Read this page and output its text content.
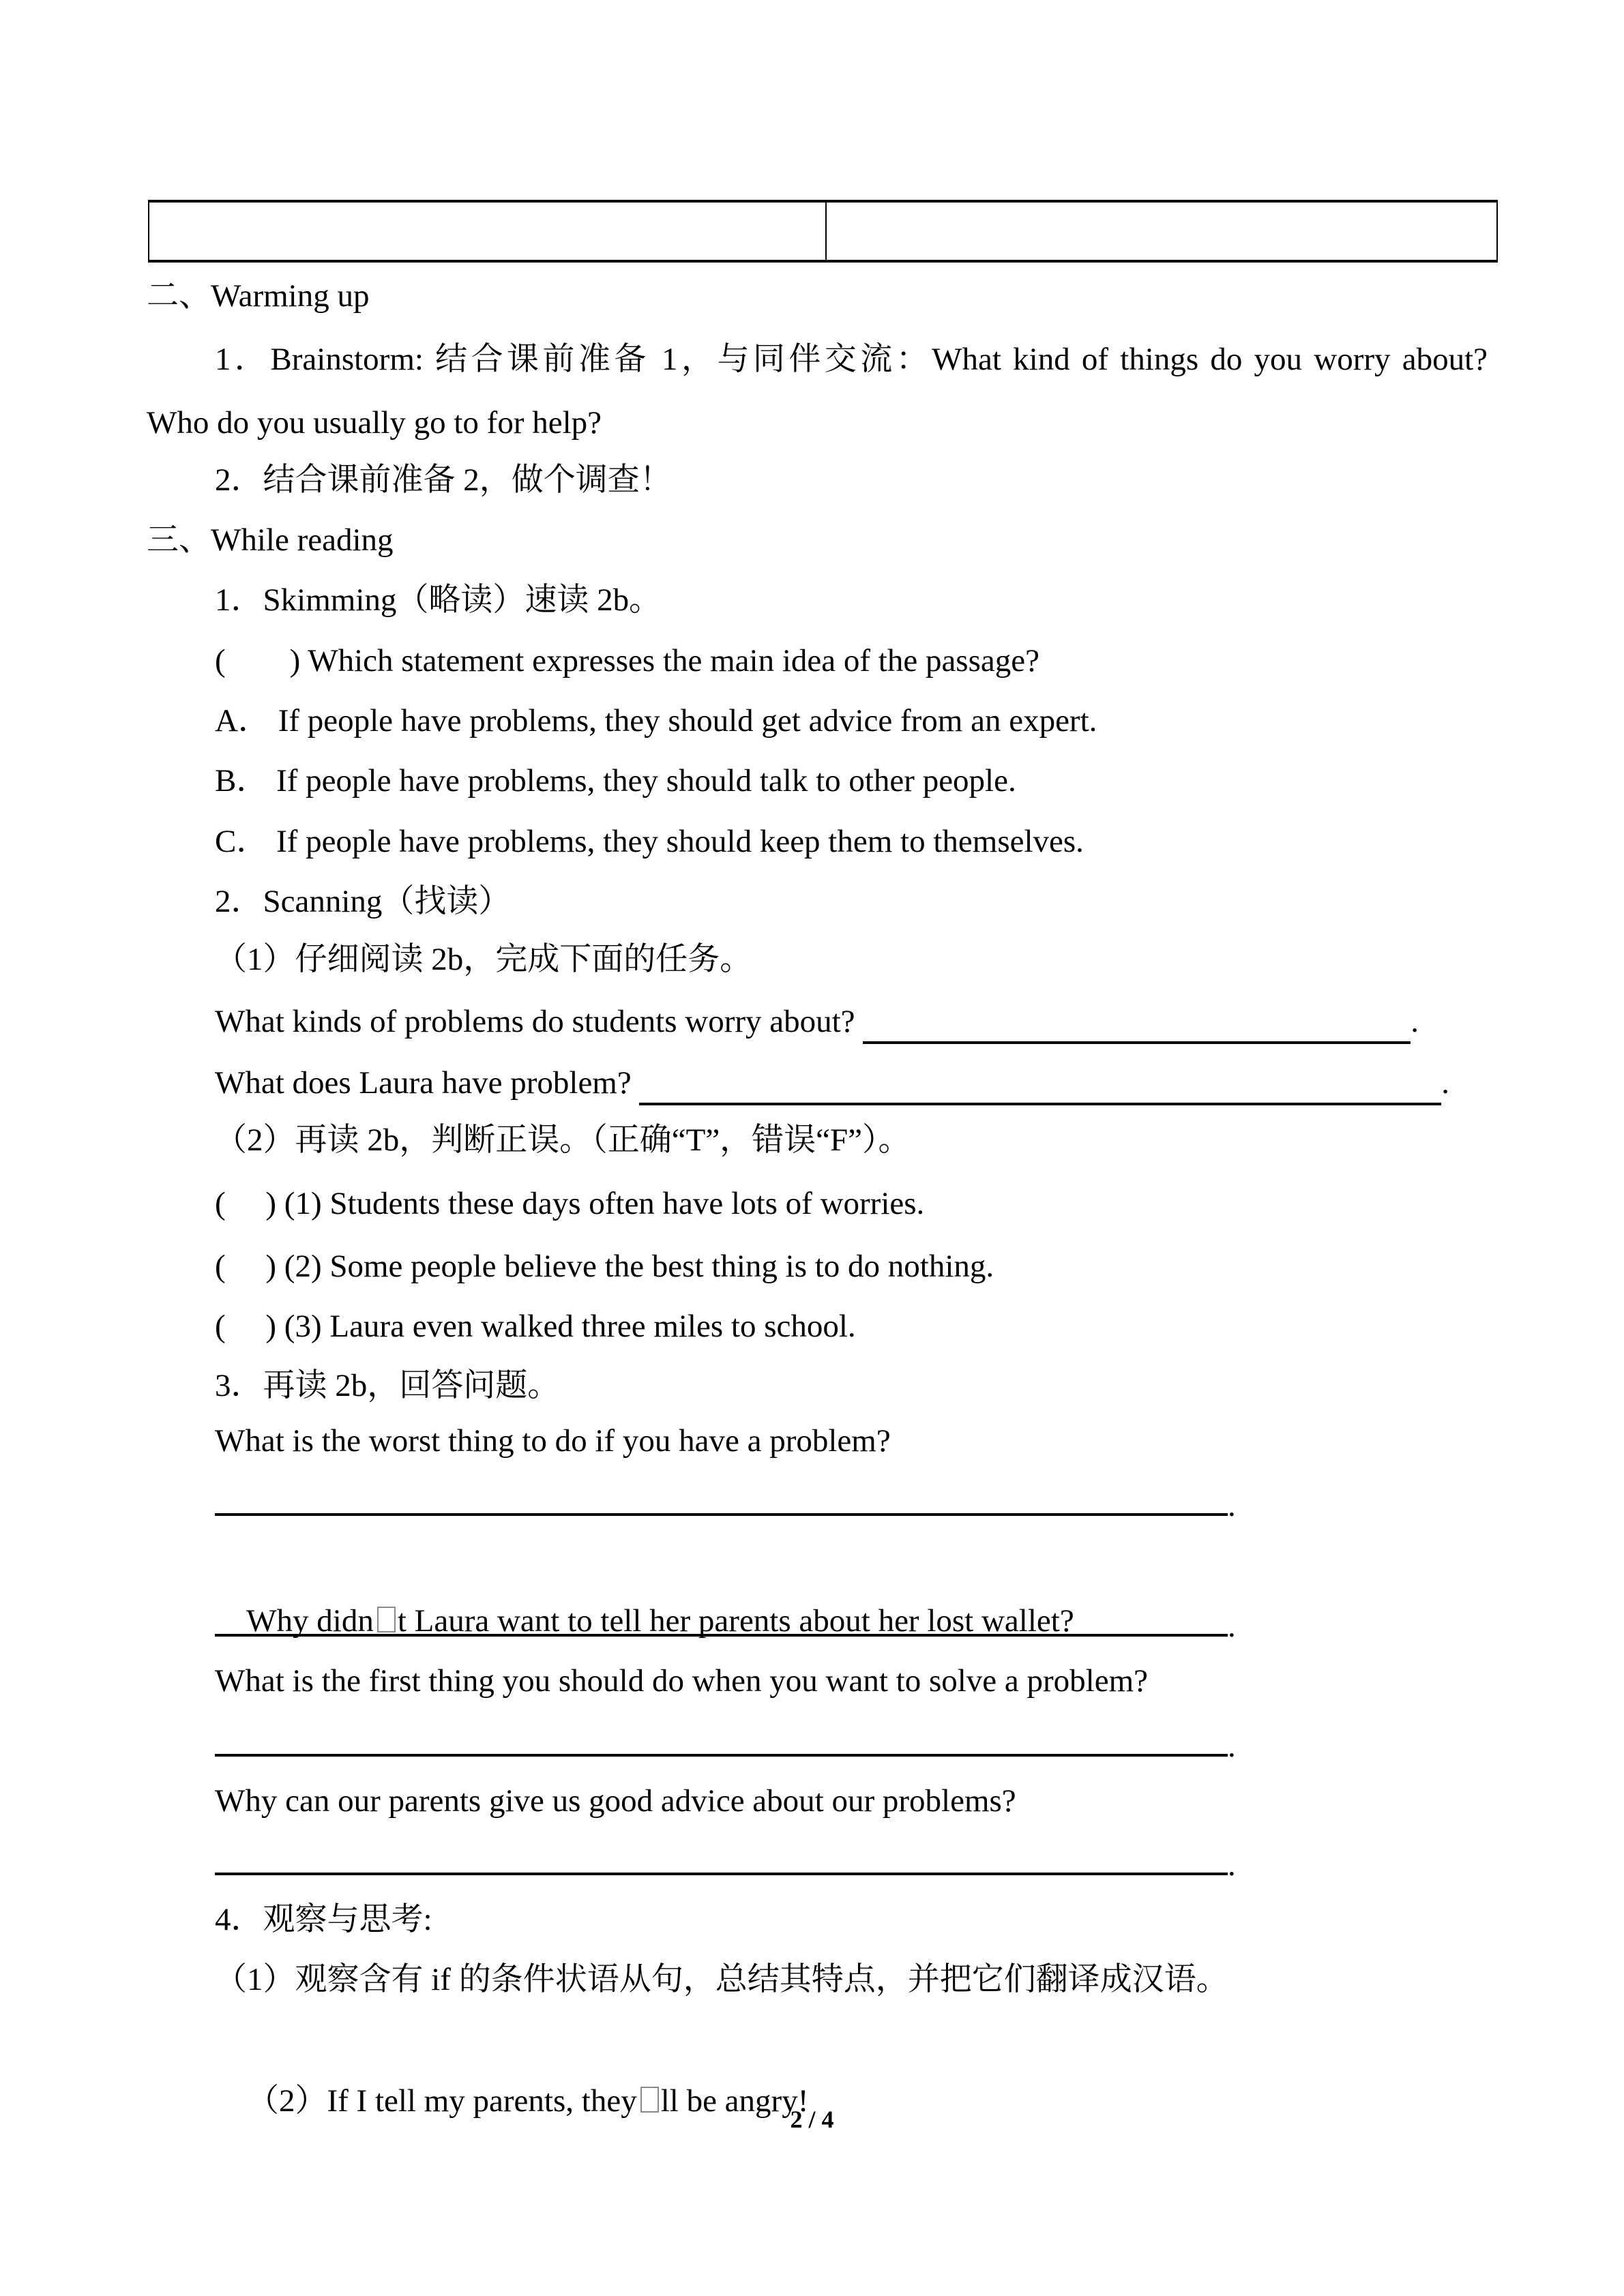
二、Warming up
1．Brainstorm: 结合课前准备 1，与同伴交流：What kind of things do you worry about?
Who do you usually go to for help?
2．结合课前准备 2，做个调查！
三、While reading
1．Skimming（略读）速读 2b。
(        ) Which statement expresses the main idea of the passage?
A． If people have problems, they should get advice from an expert.
B． If people have problems, they should talk to other people.
C． If people have problems, they should keep them to themselves.
2．Scanning（找读）
（1）仔细阅读 2b，完成下面的任务。
What kinds of problems do students worry about?	.
What does Laura have problem?	.
（2）再读 2b，判断正误。（正确“T”，错误“F”）。
(     ) (1) Students these days often have lots of worries.
(     ) (2) Some people believe the best thing is to do nothing.
(     ) (3) Laura even walked three miles to school.
3．再读 2b，回答问题。
What is the worst thing to do if you have a problem?
.

Why didn t Laura want to tell her parents about her lost wallet?
	.
What is the first thing you should do when you want to solve a problem?
.
Why can our parents give us good advice about our problems?
.
4．观察与思考:
（1）观察含有 if 的条件状语从句，总结其特点，并把它们翻译成汉语。

（2）If I tell my parents, they ll be angry!

2 / 4
